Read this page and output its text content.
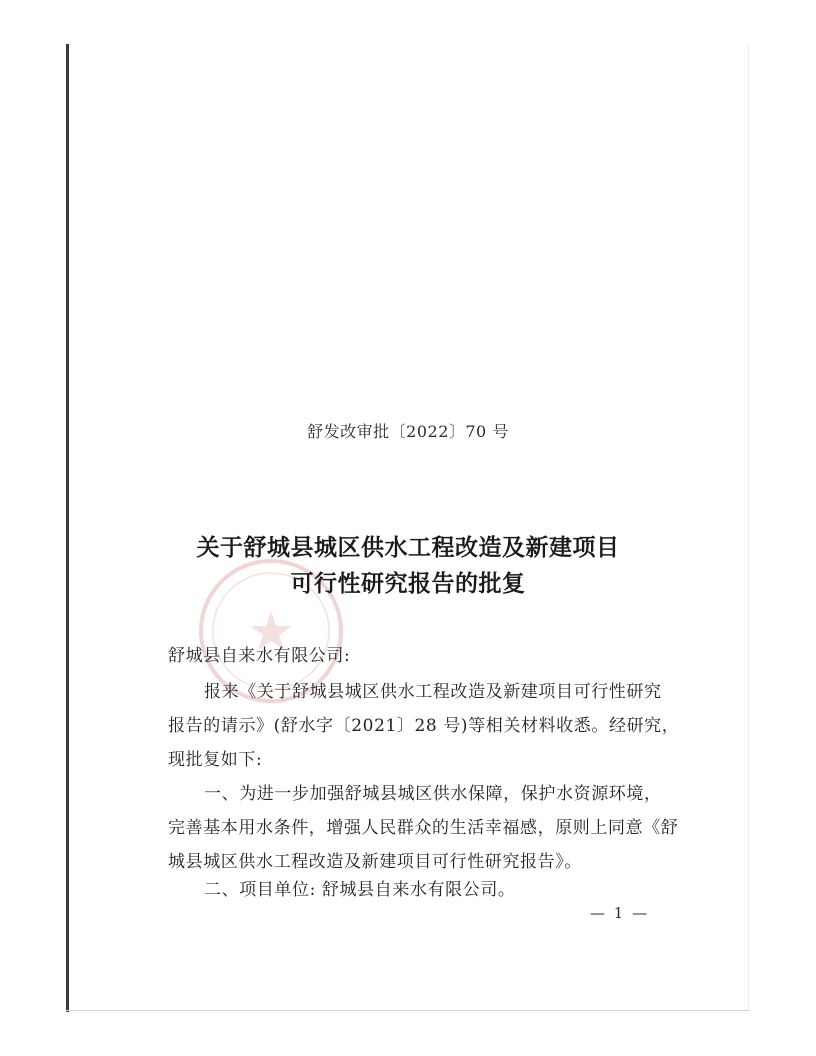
舒发改审批〔2022〕70 号
关于舒城县城区供水工程改造及新建项目
可行性研究报告的批复
舒城县自来水有限公司:
报来《关于舒城县城区供水工程改造及新建项目可行性研究
报告的请示》(舒水字〔2021〕28 号)等相关材料收悉。经研究，
现批复如下:
一、为进一步加强舒城县城区供水保障，保护水资源环境，
完善基本用水条件，增强人民群众的生活幸福感，原则上同意《舒
城县城区供水工程改造及新建项目可行性研究报告》。
二、项目单位: 舒城县自来水有限公司。
— 1 —
